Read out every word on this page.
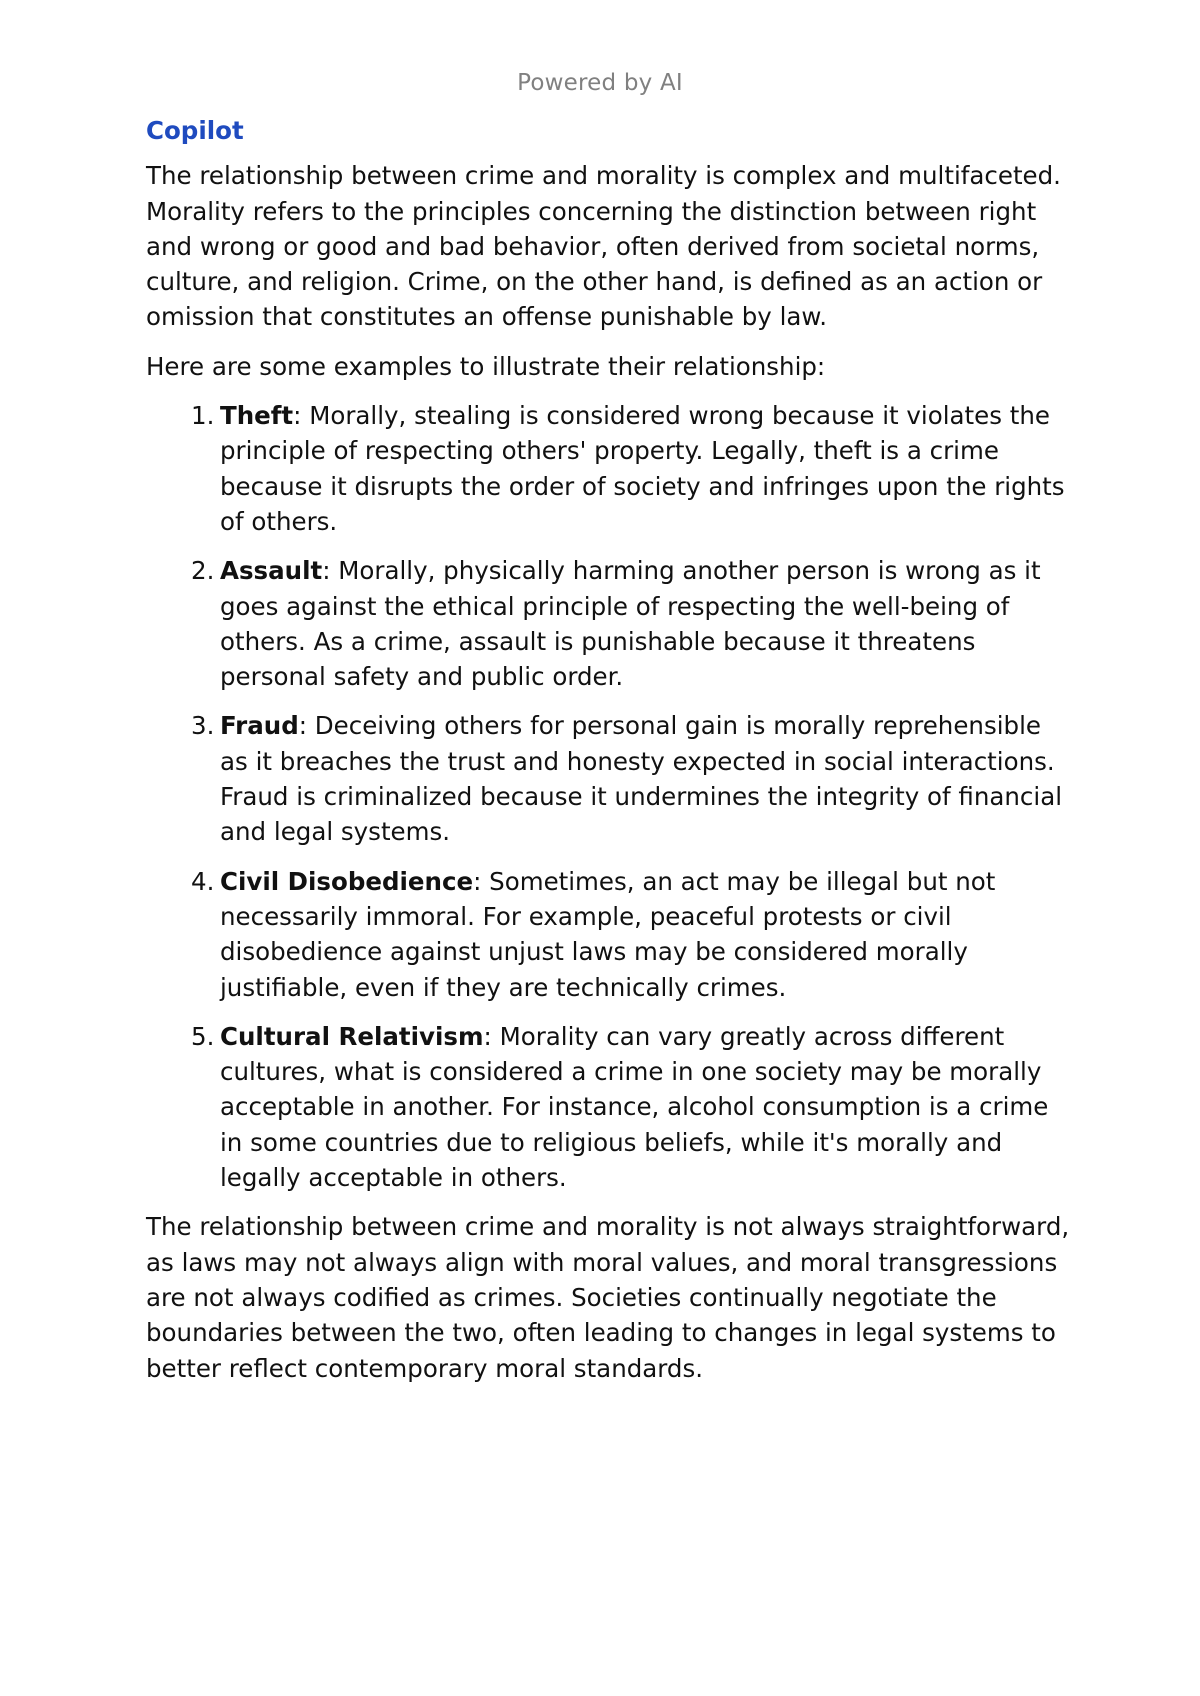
Powered by AI
Copilot

The relationship between crime and morality is complex and multifaceted. Morality refers to the principles concerning the distinction between right and wrong or good and bad behavior, often derived from societal norms, culture, and religion. Crime, on the other hand, is defined as an action or omission that constitutes an offense punishable by law.

Here are some examples to illustrate their relationship:

1. Theft: Morally, stealing is considered wrong because it violates the principle of respecting others' property. Legally, theft is a crime because it disrupts the order of society and infringes upon the rights of others.
2. Assault: Morally, physically harming another person is wrong as it goes against the ethical principle of respecting the well-being of others. As a crime, assault is punishable because it threatens personal safety and public order.
3. Fraud: Deceiving others for personal gain is morally reprehensible as it breaches the trust and honesty expected in social interactions. Fraud is criminalized because it undermines the integrity of financial and legal systems.
4. Civil Disobedience: Sometimes, an act may be illegal but not necessarily immoral. For example, peaceful protests or civil disobedience against unjust laws may be considered morally justifiable, even if they are technically crimes.
5. Cultural Relativism: Morality can vary greatly across different cultures, what is considered a crime in one society may be morally acceptable in another. For instance, alcohol consumption is a crime in some countries due to religious beliefs, while it's morally and legally acceptable in others.

The relationship between crime and morality is not always straightforward, as laws may not always align with moral values, and moral transgressions are not always codified as crimes. Societies continually negotiate the boundaries between the two, often leading to changes in legal systems to better reflect contemporary moral standards.
